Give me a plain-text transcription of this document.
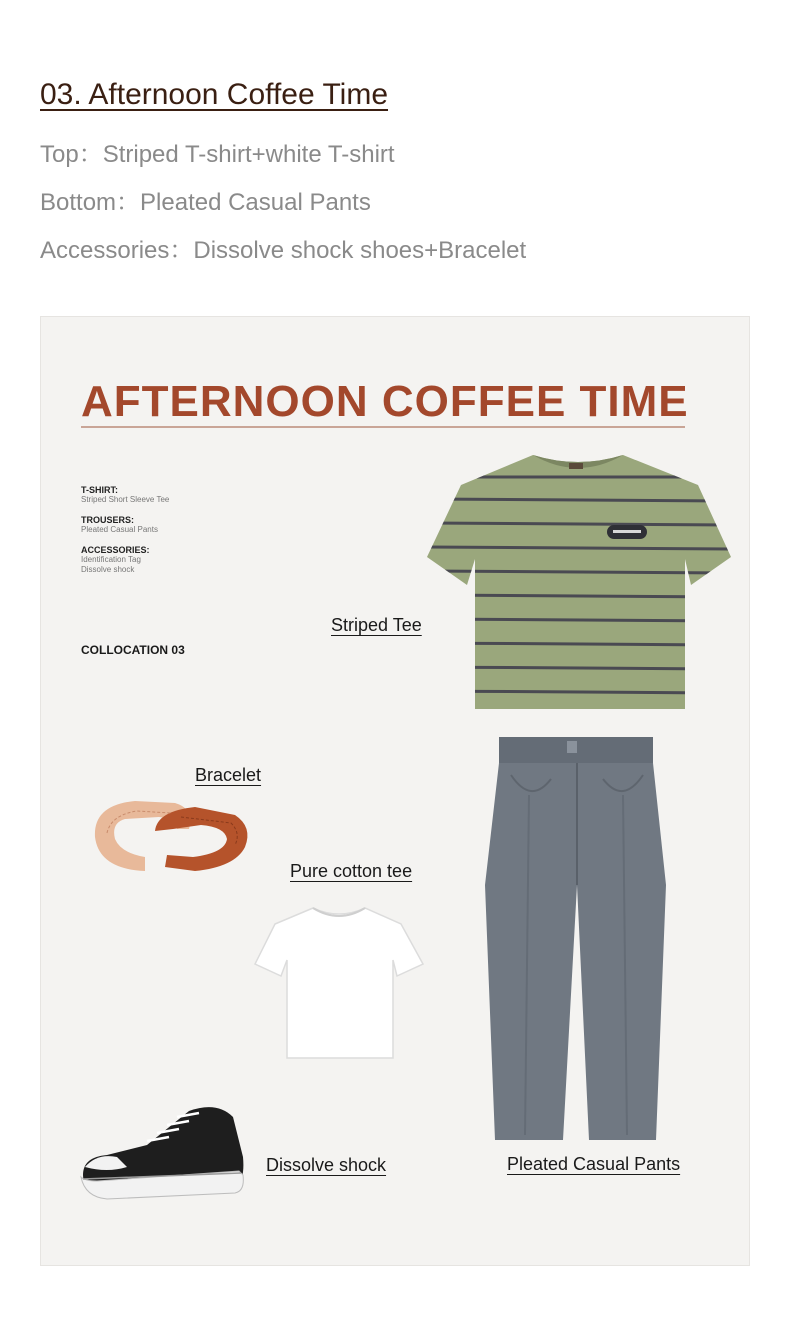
03. Afternoon Coffee Time

Top：Striped T-shirt+white T-shirt

Bottom：Pleated Casual Pants

Accessories：Dissolve shock shoes+Bracelet

AFTERNOON COFFEE TIME
T-SHIRT:
Striped Short Sleeve Tee
TROUSERS:
Pleated Casual Pants
ACCESSORIES:
Identification Tag
Dissolve shock
COLLOCATION 03
Striped Tee
Bracelet
Pure cotton tee
Dissolve shock	Pleated Casual Pants
